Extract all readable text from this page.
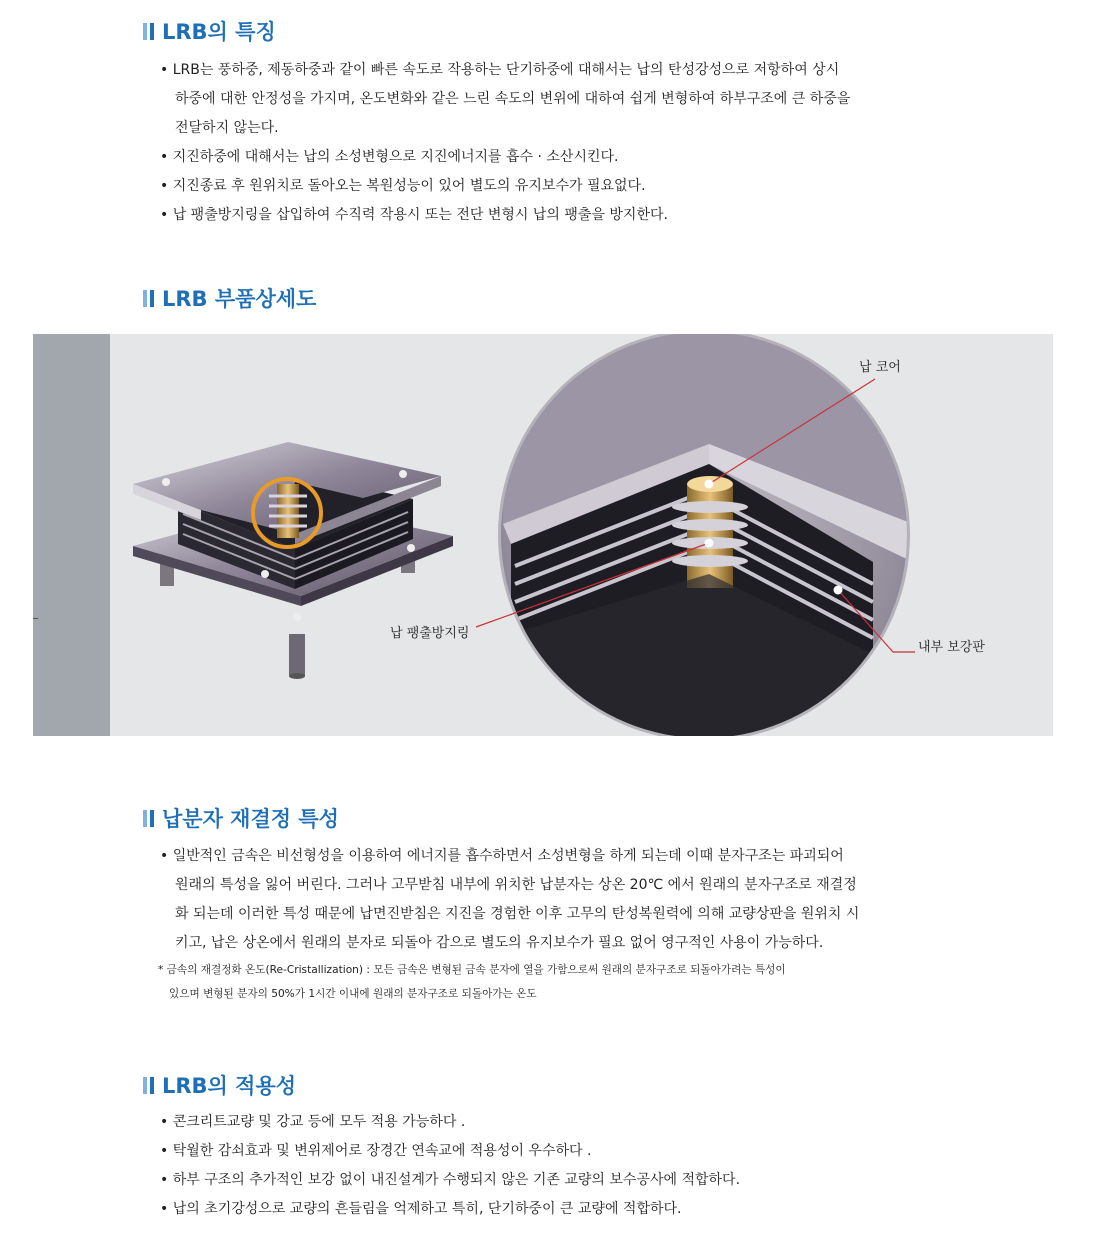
LRB의 특징

• LRB는 풍하중, 제동하중과 같이 빠른 속도로 작용하는 단기하중에 대해서는 납의 탄성강성으로 저항하여 상시
하중에 대한 안정성을 가지며, 온도변화와 같은 느린 속도의 변위에 대하여 쉽게 변형하여 하부구조에 큰 하중을
전달하지 않는다.

• 지진하중에 대해서는 납의 소성변형으로 지진에너지를 흡수 · 소산시킨다.

• 지진종료 후 원위치로 돌아오는 복원성능이 있어 별도의 유지보수가 필요없다.

• 납 팽출방지링을 삽입하여 수직력 작용시 또는 전단 변형시 납의 팽출을 방지한다.

LRB 부품상세도
납 코어
납 팽출방지링
내부 보강판
납분자 재결정 특성

• 일반적인 금속은 비선형성을 이용하여 에너지를 흡수하면서 소성변형을 하게 되는데 이때 분자구조는 파괴되어
원래의 특성을 잃어 버린다. 그러나 고무받침 내부에 위치한 납분자는 상온 20℃ 에서 원래의 분자구조로 재결정
화 되는데 이러한 특성 때문에 납면진받침은 지진을 경험한 이후 고무의 탄성복원력에 의해 교량상판을 원위치 시
키고, 납은 상온에서 원래의 분자로 되돌아 감으로 별도의 유지보수가 필요 없어 영구적인 사용이 가능하다.

* 금속의 재결정화 온도(Re-Cristallization) : 모든 금속은 변형된 금속 분자에 열을 가함으로써 원래의 분자구조로 되돌아가려는 특성이
있으며 변형된 분자의 50%가 1시간 이내에 원래의 분자구조로 되돌아가는 온도

LRB의 적용성

• 콘크리트교량 및 강교 등에 모두 적용 가능하다 .

• 탁월한 감쇠효과 및 변위제어로 장경간 연속교에 적용성이 우수하다 .

• 하부 구조의 추가적인 보강 없이 내진설계가 수행되지 않은 기존 교량의 보수공사에 적합하다.

• 납의 초기강성으로 교량의 흔들림을 억제하고 특히, 단기하중이 큰 교량에 적합하다.
